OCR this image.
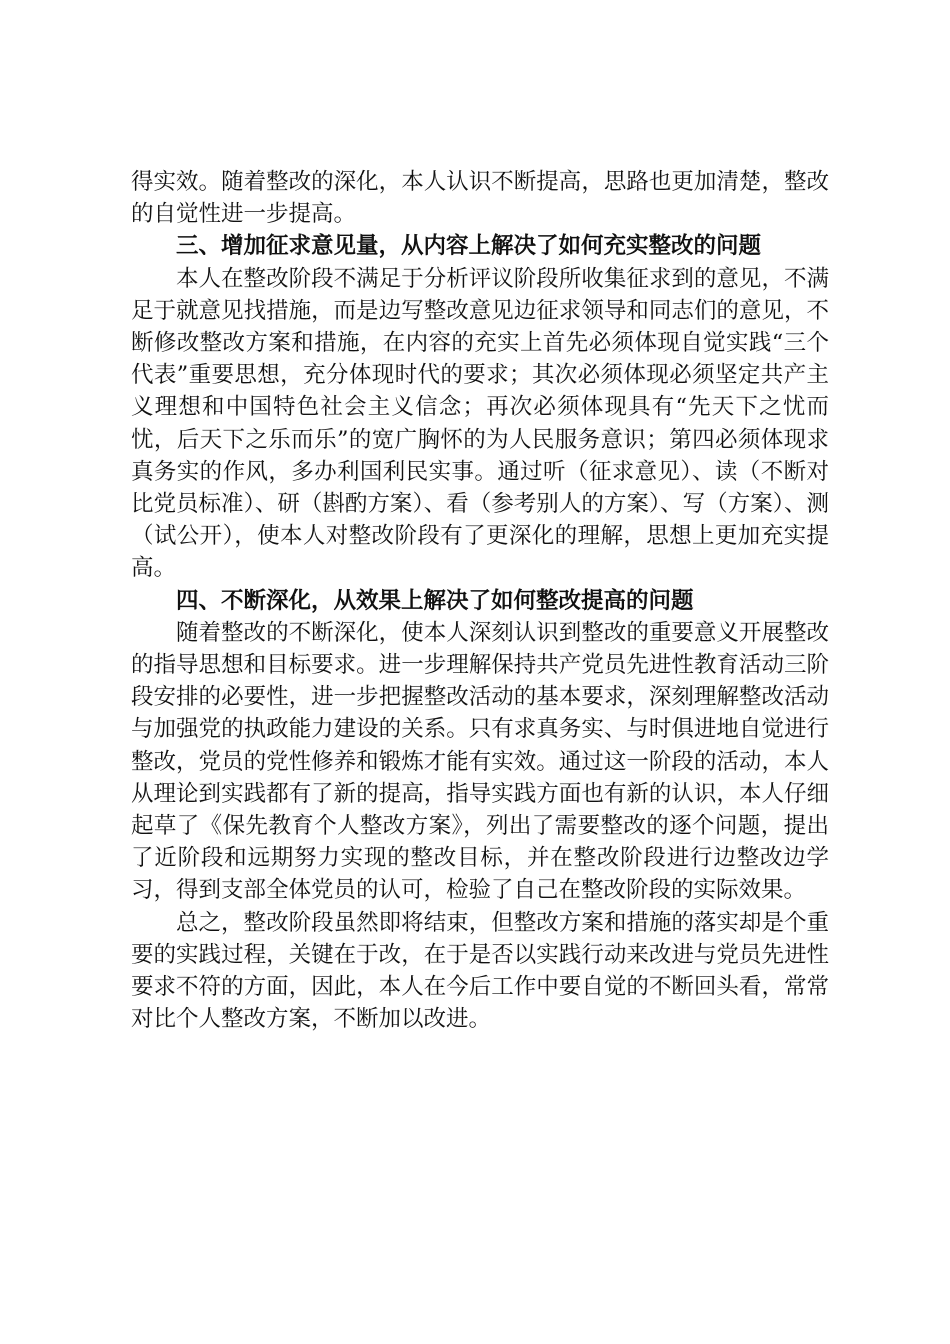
得实效。随着整改的深化，本人认识不断提高，思路也更加清楚，整改的自觉性进一步提高。

三、增加征求意见量，从内容上解决了如何充实整改的问题

本人在整改阶段不满足于分析评议阶段所收集征求到的意见，不满足于就意见找措施，而是边写整改意见边征求领导和同志们的意见，不断修改整改方案和措施，在内容的充实上首先必须体现自觉实践“三个代表”重要思想，充分体现时代的要求；其次必须体现必须坚定共产主义理想和中国特色社会主义信念；再次必须体现具有“先天下之忧而忧，后天下之乐而乐”的宽广胸怀的为人民服务意识；第四必须体现求真务实的作风，多办利国利民实事。通过听（征求意见）、读（不断对比党员标准）、研（斟酌方案）、看（参考别人的方案）、写（方案）、测（试公开），使本人对整改阶段有了更深化的理解，思想上更加充实提高。

四、不断深化，从效果上解决了如何整改提高的问题

随着整改的不断深化，使本人深刻认识到整改的重要意义开展整改的指导思想和目标要求。进一步理解保持共产党员先进性教育活动三阶段安排的必要性，进一步把握整改活动的基本要求，深刻理解整改活动与加强党的执政能力建设的关系。只有求真务实、与时俱进地自觉进行整改，党员的党性修养和锻炼才能有实效。通过这一阶段的活动，本人从理论到实践都有了新的提高，指导实践方面也有新的认识，本人仔细起草了《保先教育个人整改方案》，列出了需要整改的逐个问题，提出了近阶段和远期努力实现的整改目标，并在整改阶段进行边整改边学习，得到支部全体党员的认可，检验了自己在整改阶段的实际效果。

总之，整改阶段虽然即将结束，但整改方案和措施的落实却是个重要的实践过程，关键在于改，在于是否以实践行动来改进与党员先进性要求不符的方面，因此，本人在今后工作中要自觉的不断回头看，常常对比个人整改方案，不断加以改进。
